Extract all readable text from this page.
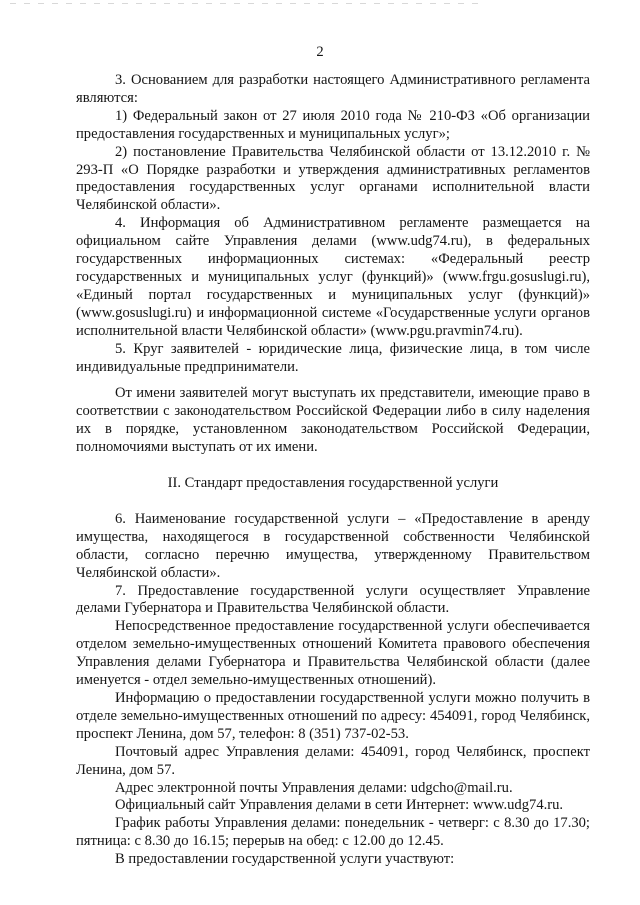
2

3. Основанием для разработки настоящего Административного регламента являются:

1) Федеральный закон от 27 июля 2010 года № 210-ФЗ «Об организации предоставления государственных и муниципальных услуг»;

2) постановление Правительства Челябинской области от 13.12.2010 г. № 293-П «О Порядке разработки и утверждения административных регламентов предоставления государственных услуг органами исполнительной власти Челябинской области».

4. Информация об Административном регламенте размещается на официальном сайте Управления делами (www.udg74.ru), в федеральных государственных информационных системах: «Федеральный реестр государственных и муниципальных услуг (функций)» (www.frgu.gosuslugi.ru), «Единый портал государственных и муниципальных услуг (функций)» (www.gosuslugi.ru) и информационной системе «Государственные услуги органов исполнительной власти Челябинской области» (www.pgu.pravmin74.ru).

5. Круг заявителей - юридические лица, физические лица, в том числе индивидуальные предприниматели.

От имени заявителей могут выступать их представители, имеющие право в соответствии с законодательством Российской Федерации либо в силу наделения их в порядке, установленном законодательством Российской Федерации, полномочиями выступать от их имени.

II. Стандарт предоставления государственной услуги

6. Наименование государственной услуги – «Предоставление в аренду имущества, находящегося в государственной собственности Челябинской области, согласно перечню имущества, утвержденному Правительством Челябинской области».

7. Предоставление государственной услуги осуществляет Управление делами Губернатора и Правительства Челябинской области.

Непосредственное предоставление государственной услуги обеспечивается отделом земельно-имущественных отношений Комитета правового обеспечения Управления делами Губернатора и Правительства Челябинской области (далее именуется - отдел земельно-имущественных отношений).

Информацию о предоставлении государственной услуги можно получить в отделе земельно-имущественных отношений по адресу: 454091, город Челябинск, проспект Ленина, дом 57, телефон: 8 (351) 737-02-53.

Почтовый адрес Управления делами: 454091, город Челябинск, проспект Ленина, дом 57.

Адрес электронной почты Управления делами: udgcho@mail.ru.

Официальный сайт Управления делами в сети Интернет: www.udg74.ru.

График работы Управления делами: понедельник - четверг: с 8.30 до 17.30; пятница: с 8.30 до 16.15; перерыв на обед: с 12.00 до 12.45.

В предоставлении государственной услуги участвуют:
